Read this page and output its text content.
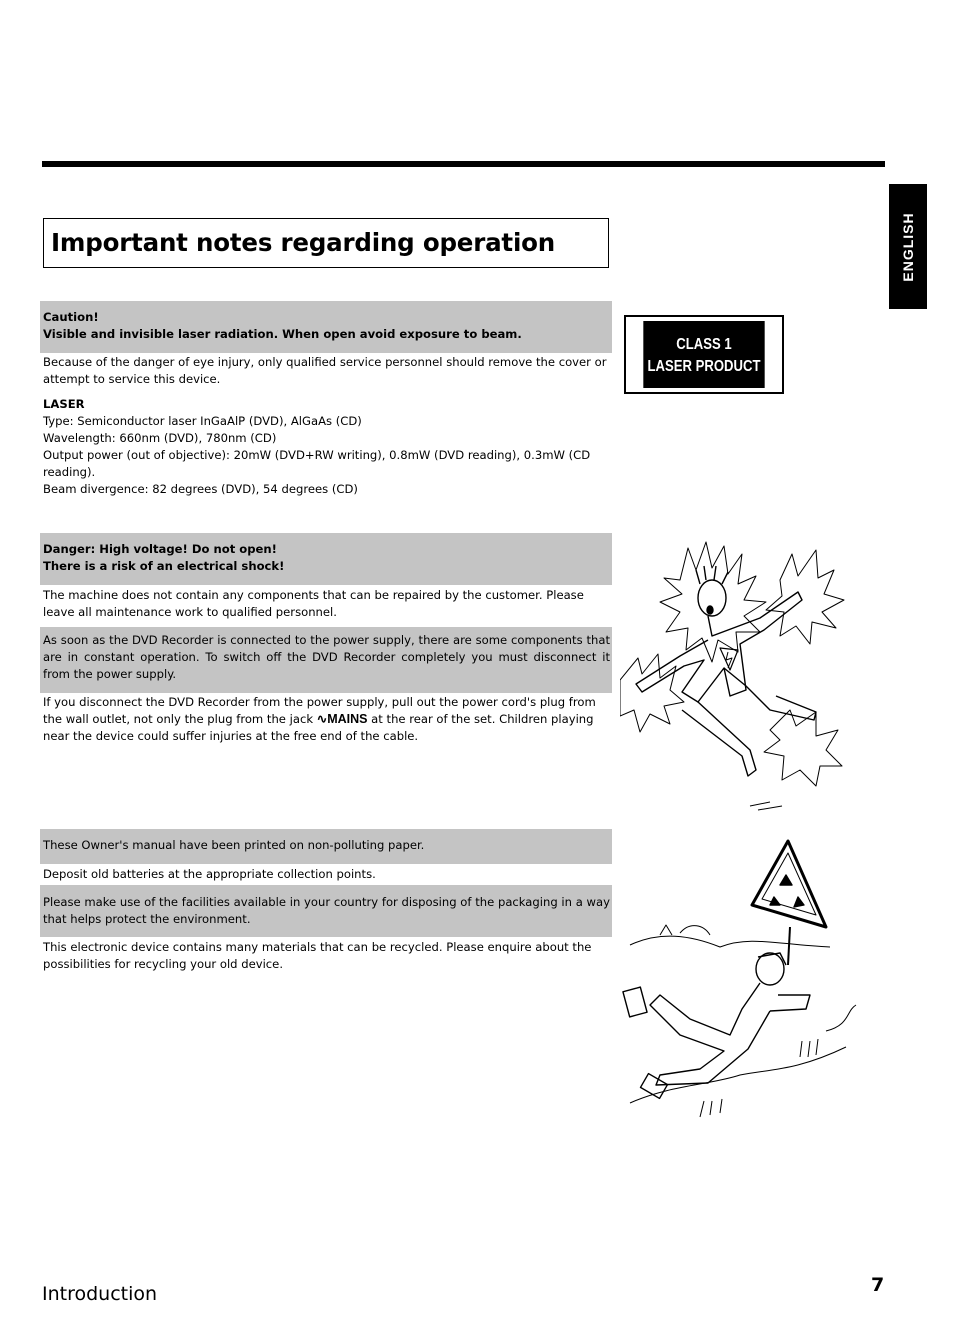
ENGLISH
Important notes regarding operation

Caution!

Visible and invisible laser radiation. When open avoid exposure to beam.

Because of the danger of eye injury, only qualified service personnel should remove the cover or attempt to service this device.

LASER

Type: Semiconductor laser InGaAlP (DVD), AlGaAs (CD)

Wavelength: 660nm (DVD), 780nm (CD)

Output power (out of objective): 20mW (DVD+RW writing), 0.8mW (DVD reading), 0.3mW (CD reading).

Beam divergence: 82 degrees (DVD), 54 degrees (CD)

CLASS 1
LASER PRODUCT

Danger: High voltage! Do not open!

There is a risk of an electrical shock!

The machine does not contain any components that can be repaired by the customer. Please leave all maintenance work to qualified personnel.

As soon as the DVD Recorder is connected to the power supply, there are some components that are in constant operation. To switch off the DVD Recorder completely you must disconnect it from the power supply.

If you disconnect the DVD Recorder from the power supply, pull out the power cord's plug from the wall outlet, not only the plug from the jack ∿MAINS at the rear of the set. Children playing near the device could suffer injuries at the free end of the cable.

These Owner's manual have been printed on non-polluting paper.

Deposit old batteries at the appropriate collection points.

Please make use of the facilities available in your country for disposing of the packaging in a way that helps protect the environment.

This electronic device contains many materials that can be recycled. Please enquire about the possibilities for recycling your old device.

Introduction	7
